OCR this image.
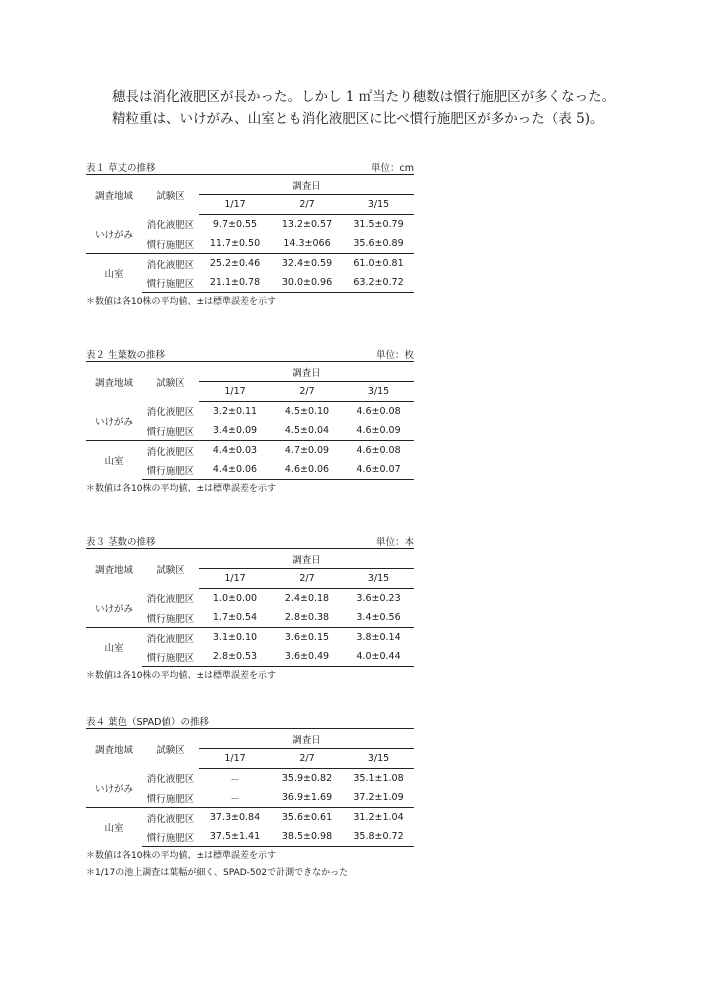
穂長は消化液肥区が長かった。しかし 1 ㎡当たり穂数は慣行施肥区が多くなった。

精粒重は、いけがみ、山室とも消化液肥区に比べ慣行施肥区が多かった（表 5)。

表１ 草丈の推移	単位：cm
調査地域	試験区	調査日		
		1/17	2/7	3/15
いけがみ	消化液肥区	9.7±0.55	13.2±0.57	31.5±0.79
	慣行施肥区	11.7±0.50	14.3±066	35.6±0.89
山室	消化液肥区	25.2±0.46	32.4±0.59	61.0±0.81
	慣行施肥区	21.1±0.78	30.0±0.96	63.2±0.72
＊数値は各10株の平均値、±は標準誤差を示す
表２ 生葉数の推移	単位：枚
調査地域	試験区	調査日		
		1/17	2/7	3/15
いけがみ	消化液肥区	3.2±0.11	4.5±0.10	4.6±0.08
	慣行施肥区	3.4±0.09	4.5±0.04	4.6±0.09
山室	消化液肥区	4.4±0.03	4.7±0.09	4.6±0.08
	慣行施肥区	4.4±0.06	4.6±0.06	4.6±0.07
＊数値は各10株の平均値、±は標準誤差を示す
表３ 茎数の推移	単位：本
調査地域	試験区	調査日		
		1/17	2/7	3/15
いけがみ	消化液肥区	1.0±0.00	2.4±0.18	3.6±0.23
	慣行施肥区	1.7±0.54	2.8±0.38	3.4±0.56
山室	消化液肥区	3.1±0.10	3.6±0.15	3.8±0.14
	慣行施肥区	2.8±0.53	3.6±0.49	4.0±0.44
＊数値は各10株の平均値、±は標準誤差を示す
表４ 葉色（SPAD値）の推移
調査地域	試験区	調査日		
		1/17	2/7	3/15
いけがみ	消化液肥区	－	35.9±0.82	35.1±1.08
	慣行施肥区	－	36.9±1.69	37.2±1.09
山室	消化液肥区	37.3±0.84	35.6±0.61	31.2±1.04
	慣行施肥区	37.5±1.41	38.5±0.98	35.8±0.72
＊数値は各10株の平均値、±は標準誤差を示す
＊1/17の池上調査は葉幅が細く、SPAD-502で計測できなかった
